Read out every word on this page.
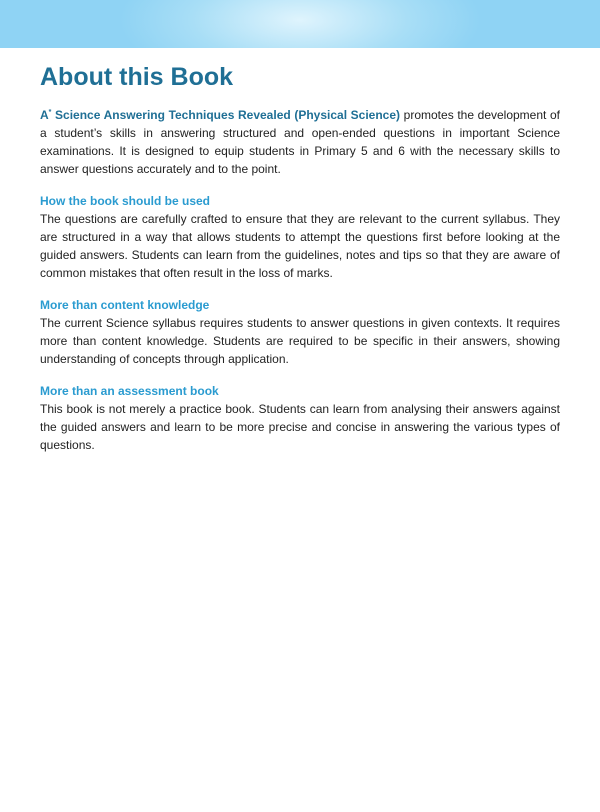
About this Book

A* Science Answering Techniques Revealed (Physical Science) promotes the development of a student’s skills in answering structured and open-ended questions in important Science examinations. It is designed to equip students in Primary 5 and 6 with the necessary skills to answer questions accurately and to the point.

How the book should be used

The questions are carefully crafted to ensure that they are relevant to the current syllabus. They are structured in a way that allows students to attempt the questions first before looking at the guided answers. Students can learn from the guidelines, notes and tips so that they are aware of common mistakes that often result in the loss of marks.

More than content knowledge

The current Science syllabus requires students to answer questions in given contexts. It requires more than content knowledge. Students are required to be specific in their answers, showing understanding of concepts through application.

More than an assessment book

This book is not merely a practice book. Students can learn from analysing their answers against the guided answers and learn to be more precise and concise in answering the various types of questions.
